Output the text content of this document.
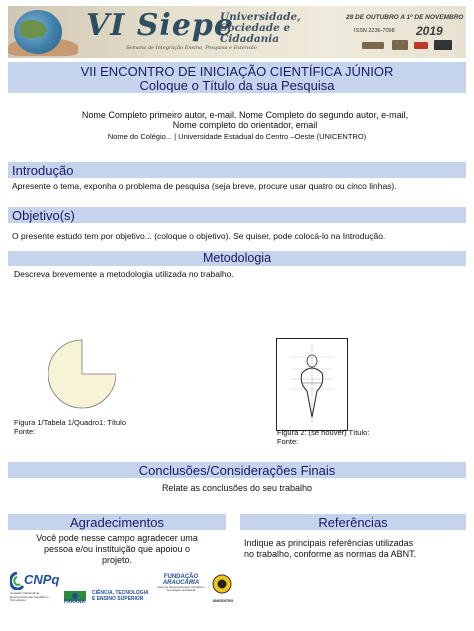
VI Siepe
Semana de Integração Ensino, Pesquisa e Extensão
Universidade, Sociedade e Cidadania
28 DE OUTUBRO A 1º DE NOVEMBRO
ISSN 2236-7098 2019
VII ENCONTRO DE INICIAÇÃO CIENTÍFICA JÚNIOR
Coloque o Título da sua Pesquisa
Nome Completo primeiro autor, e-mail. Nome Completo do segundo autor, e-mail,
Nome completo do orientador, email
Nome do Colégio... | Universidade Estadual do Centro –Oeste (UNICENTRO)
Introdução
Apresente o tema, exponha o problema de pesquisa (seja breve, procure usar quatro ou cinco linhas).
Objetivo(s)
O presente estudo tem por objetivo... (coloque o objetivo). Se quiser, pode colocá-lo na Introdução.
Metodologia
Descreva brevemente a metodologia utilizada no trabalho.
Figura 1/Tabela 1/Quadro1: Título
Fonte:	Figura 2: (se houver) Título:
Fonte:
Conclusões/Considerações Finais
Relate as conclusões do seu trabalho
Agradecimentos
Você pode nesse campo agradecer uma
pessoa e/ou instituição que apoiou o
projeto.
Referências
Indique as principais referências utilizadas
no trabalho, conforme as normas da ABNT.
CNPq
Conselho Nacional de Desenvolvimento Científico e Tecnológico	PARANÁ
CIÊNCIA, TECNOLOGIA
E ENSINO SUPERIOR
FUNDAÇÃO
ARAUCÁRIA
Apoio ao Desenvolvimento Científico e Tecnológico do Paraná
UNICENTRO
